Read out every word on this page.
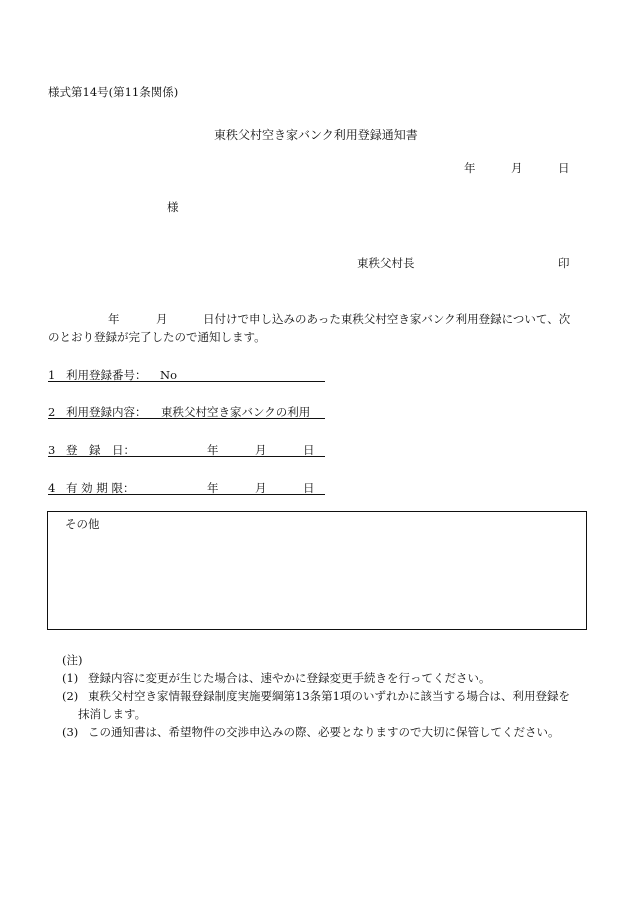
様式第14号(第11条関係)
東秩父村空き家バンク利用登録通知書
年	月	日
様
東秩父村長	印
年	月	日付けで申し込みのあった東秩父村空き家バンク利用登録について、次
のとおり登録が完了したので通知します。
1 利用登録番号： No
2 利用登録内容： 東秩父村空き家バンクの利用
3 登　録　日：	年	月	日
4 有 効 期 限：	年	月	日
その他
(注)
(1) 登録内容に変更が生じた場合は、速やかに登録変更手続きを行ってください。
(2) 東秩父村空き家情報登録制度実施要綱第13条第1項のいずれかに該当する場合は、利用登録を
抹消します。
(3) この通知書は、希望物件の交渉申込みの際、必要となりますので大切に保管してください。
